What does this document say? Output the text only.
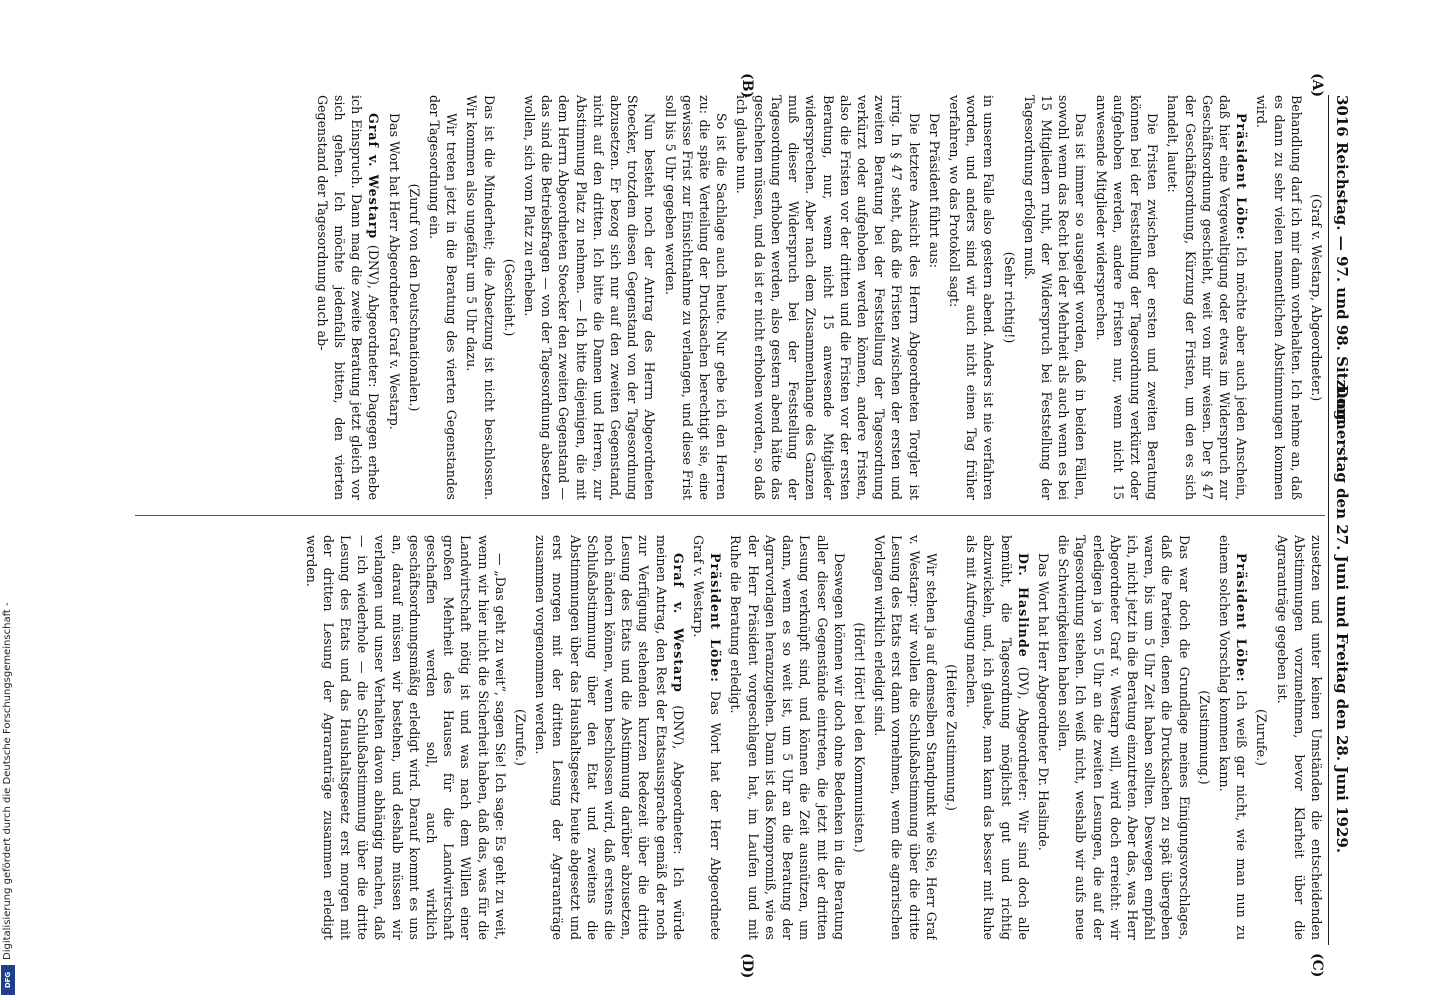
Digitalisierung gefördert durch die Deutsche Forschungsgemeinschaft -
DFG
3016 Reichstag. — 97. und 98. Sitzung.
Donnerstag den 27. Juni und Freitag den 28. Juni 1929.
(A)
(B)
(C)
(D)

(Graf v. Westarp, Abgeordneter.)

Behandlung darf ich mir dann vorbehalten. Ich nehme an, daß es dann zu sehr vielen namentlichen Abstimmungen kommen wird.

Präsident Löbe: Ich möchte aber auch jeden Anschein, daß hier eine Vergewaltigung oder etwas im Widerspruch zur Geschäftsordnung geschieht, weit von mir weisen. Der § 47 der Geschäftsordnung, Kürzung der Fristen, um den es sich handelt, lautet:

Die Fristen zwischen der ersten und zweiten Beratung können bei der Feststellung der Tagesordnung verkürzt oder aufgehoben werden, andere Fristen nur, wenn nicht 15 anwesende Mitglieder widersprechen.

Das ist immer so ausgelegt worden, daß in beiden Fällen, sowohl wenn das Recht bei der Mehrheit als auch wenn es bei 15 Mitgliedern ruht, der Widerspruch bei Feststellung der Tagesordnung erfolgen muß.

(Sehr richtig!)

in unserem Falle also gestern abend. Anders ist nie verfahren worden, und anders sind wir auch nicht einen Tag früher verfahren, wo das Protokoll sagt:

Der Präsident führt aus:

Die letztere Ansicht des Herrn Abgeordneten Torgler ist irrig. In § 47 steht, daß die Fristen zwischen der ersten und zweiten Beratung bei der Feststellung der Tagesordnung verkürzt oder aufgehoben werden können, andere Fristen, also die Fristen vor der dritten und die Fristen vor der ersten Beratung, nur, wenn nicht 15 anwesende Mitglieder widersprechen. Aber nach dem Zusammenhange des Ganzen muß dieser Widerspruch bei der Feststellung der Tagesordnung erhoben werden, also gestern abend hätte das geschehen müssen, und da ist er nicht erhoben worden, so daß ich glaube nun.

So ist die Sachlage auch heute. Nur gebe ich den Herren zu: die späte Verteilung der Drucksachen berechtigt sie, eine gewisse Frist zur Einsichtnahme zu verlangen, und diese Frist soll bis 5 Uhr gegeben werden.

Nun besteht noch der Antrag des Herrn Abgeordneten Stoecker, trotzdem diesen Gegenstand von der Tagesordnung abzusetzen. Er bezog sich nur auf den zweiten Gegenstand, nicht auf den dritten. Ich bitte die Damen und Herren, zur Abstimmung Platz zu nehmen. — Ich bitte diejenigen, die mit dem Herrn Abgeordneten Stoecker den zweiten Gegenstand — das sind die Betriebsfragen — von der Tagesordnung absetzen wollen, sich vom Platz zu erheben.

(Geschieht.)

Das ist die Minderheit; die Absetzung ist nicht beschlossen. Wir kommen also ungefähr um 5 Uhr dazu.

Wir treten jetzt in die Beratung des vierten Gegenstandes der Tagesordnung ein.

(Zuruf von den Deutschnationalen.)

Das Wort hat Herr Abgeordneter Graf v. Westarp.

Graf v. Westarp (DNV), Abgeordneter: Dagegen erhebe ich Einspruch. Dann mag die zweite Beratung jetzt gleich vor sich gehen. Ich möchte jedenfalls bitten, den vierten Gegenstand der Tagesordnung auch ab-

zusetzen und unter keinen Umständen die entscheidenden Abstimmungen vorzunehmen, bevor Klarheit über die Agraranträge gegeben ist.

(Zurufe.)

Präsident Löbe: Ich weiß gar nicht, wie man nun zu einem solchen Vorschlag kommen kann.

(Zustimmung.)

Das war doch die Grundlage meines Einigungsvorschlages, daß die Parteien, denen die Drucksachen zu spät übergeben waren, bis um 5 Uhr Zeit haben sollten. Deswegen empfahl ich, nicht jetzt in die Beratung einzutreten. Aber das, was Herr Abgeordneter Graf v. Westarp will, wird doch erreicht: wir erledigen ja von 5 Uhr an die zweiten Lesungen, die auf der Tagesordnung stehen. Ich weiß nicht, weshalb wir aufs neue die Schwierigkeiten haben sollen.

Das Wort hat Herr Abgeordneter Dr. Haslinde.

Dr. Haslinde (DV), Abgeordneter: Wir sind doch alle bemüht, die Tagesordnung möglichst gut und richtig abzuwickeln, und, ich glaube, man kann das besser mit Ruhe als mit Aufregung machen.

(Heitere Zustimmung.)

Wir stehen ja auf demselben Standpunkt wie Sie, Herr Graf v. Westarp: wir wollen die Schlußabstimmung über die dritte Lesung des Etats erst dann vornehmen, wenn die agrarischen Vorlagen wirklich erledigt sind.

(Hört! Hört! bei den Kommunisten.)

Deswegen können wir doch ohne Bedenken in die Beratung aller dieser Gegenstände eintreten, die jetzt mit der dritten Lesung verknüpft sind, und können die Zeit ausnützen, um dann, wenn es so weit ist, um 5 Uhr an die Beratung der Agrarvorlagen heranzugehen. Dann ist das Kompromiß, wie es der Herr Präsident vorgeschlagen hat, im Laufen und mit Ruhe die Beratung erledigt.

Präsident Löbe: Das Wort hat der Herr Abgeordnete Graf v. Westarp.

Graf v. Westarp (DNV), Abgeordneter: Ich würde meinen Antrag, den Rest der Etatsaussprache gemäß der noch zur Verfügung stehenden kurzen Redezeit über die dritte Lesung des Etats und die Abstimmung darüber abzusetzen, noch ändern können, wenn beschlossen wird, daß erstens die Schlußabstimmung über den Etat und zweitens die Abstimmungen über das Haushaltsgesetz heute abgesetzt und erst morgen mit der dritten Lesung der Agraranträge zusammen vorgenommen werden.

(Zurufe.)

— „Das geht zu weit“, sagen Sie! Ich sage: Es geht zu weit, wenn wir hier nicht die Sicherheit haben, daß das, was für die Landwirtschaft nötig ist und was nach dem Willen einer großen Mehrheit des Hauses für die Landwirtschaft geschaffen werden soll, auch wirklich geschäftsordnungsmäßig erledigt wird. Darauf kommt es uns an, darauf müssen wir bestehen, und deshalb müssen wir verlangen und unser Verhalten davon abhängig machen, daß — ich wiederhole — die Schlußabstimmung über die dritte Lesung des Etats und das Haushaltsgesetz erst morgen mit der dritten Lesung der Agraranträge zusammen erledigt werden.
